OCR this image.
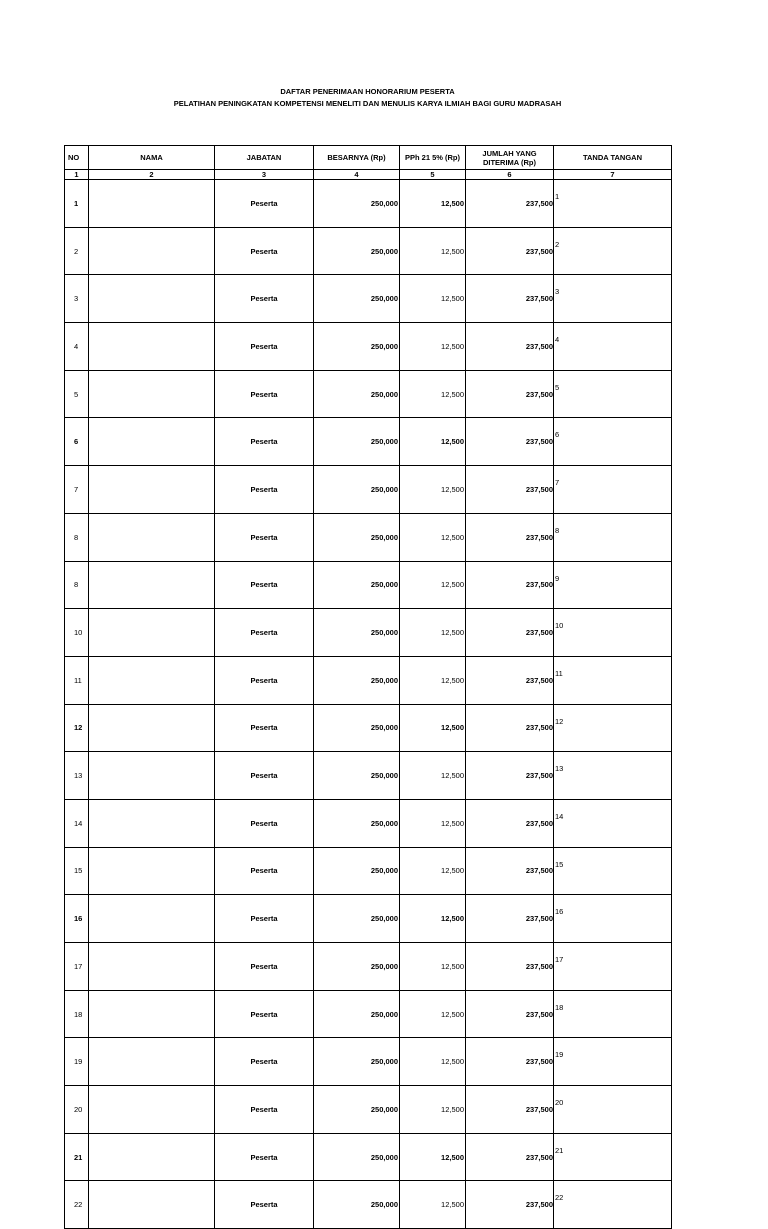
DAFTAR PENERIMAAN HONORARIUM PESERTA
PELATIHAN PENINGKATAN KOMPETENSI MENELITI DAN MENULIS KARYA ILMIAH BAGI GURU MADRASAH
NO	NAMA	JABATAN	BESARNYA (Rp)	PPh 21 5% (Rp)	JUMLAH YANG DITERIMA (Rp)	TANDA TANGAN
1	2	3	4	5	6	7
1		Peserta	250,000	12,500	237,500	1
2		Peserta	250,000	12,500	237,500	2
3		Peserta	250,000	12,500	237,500	3
4		Peserta	250,000	12,500	237,500	4
5		Peserta	250,000	12,500	237,500	5
6		Peserta	250,000	12,500	237,500	6
7		Peserta	250,000	12,500	237,500	7
8		Peserta	250,000	12,500	237,500	8
8		Peserta	250,000	12,500	237,500	9
10		Peserta	250,000	12,500	237,500	10
11		Peserta	250,000	12,500	237,500	11
12		Peserta	250,000	12,500	237,500	12
13		Peserta	250,000	12,500	237,500	13
14		Peserta	250,000	12,500	237,500	14
15		Peserta	250,000	12,500	237,500	15
16		Peserta	250,000	12,500	237,500	16
17		Peserta	250,000	12,500	237,500	17
18		Peserta	250,000	12,500	237,500	18
19		Peserta	250,000	12,500	237,500	19
20		Peserta	250,000	12,500	237,500	20
21		Peserta	250,000	12,500	237,500	21
22		Peserta	250,000	12,500	237,500	22
